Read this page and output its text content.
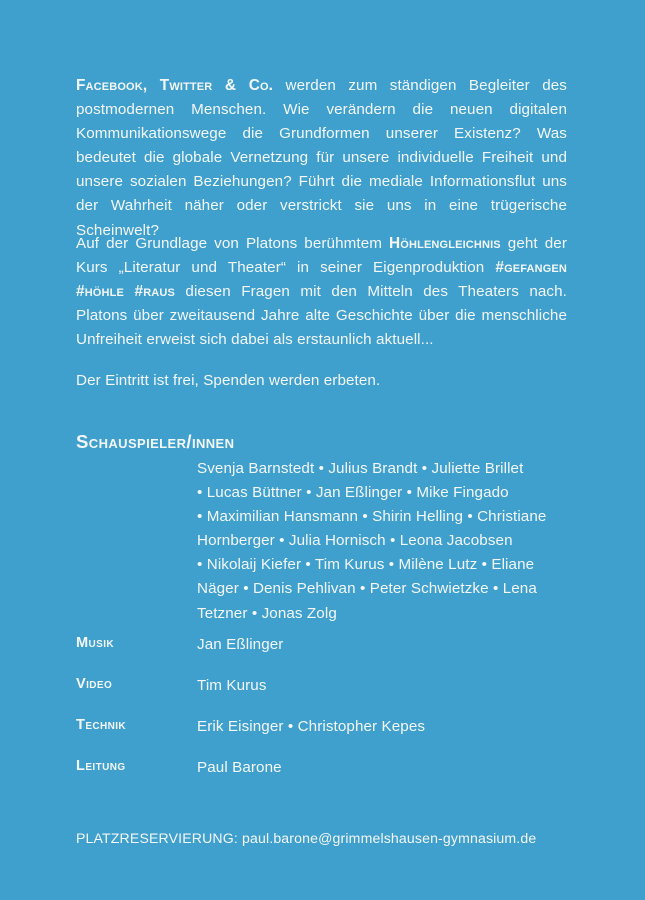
Facebook, Twitter & Co. werden zum ständigen Begleiter des postmodernen Menschen. Wie verändern die neuen digitalen Kommunikationswege die Grundformen unserer Existenz? Was bedeutet die globale Vernetzung für unsere individuelle Freiheit und unsere sozialen Beziehungen? Führt die mediale Informationsflut uns der Wahrheit näher oder verstrickt sie uns in eine trügerische Scheinwelt?

Auf der Grundlage von Platons berühmtem Höhlengleichnis geht der Kurs „Literatur und Theater“ in seiner Eigenproduktion #gefangen #höhle #raus diesen Fragen mit den Mitteln des Theaters nach. Platons über zweitausend Jahre alte Geschichte über die menschliche Unfreiheit erweist sich dabei als erstaunlich aktuell...

Der Eintritt ist frei, Spenden werden erbeten.

Schauspieler/innen
Svenja Barnstedt • Julius Brandt • Juliette Brillet • Lucas Büttner • Jan Eßlinger • Mike Fingado • Maximilian Hansmann • Shirin Helling • Christiane Hornberger • Julia Hornisch • Leona Jacobsen • Nikolaij Kiefer • Tim Kurus • Milène Lutz • Eliane Näger • Denis Pehlivan • Peter Schwietzke • Lena Tetzner • Jonas Zolg
Musik	Jan Eßlinger
Video	Tim Kurus
Technik	Erik Eisinger • Christopher Kepes
Leitung	Paul Barone
PLATZRESERVIERUNG: paul.barone@grimmelshausen-gymnasium.de
